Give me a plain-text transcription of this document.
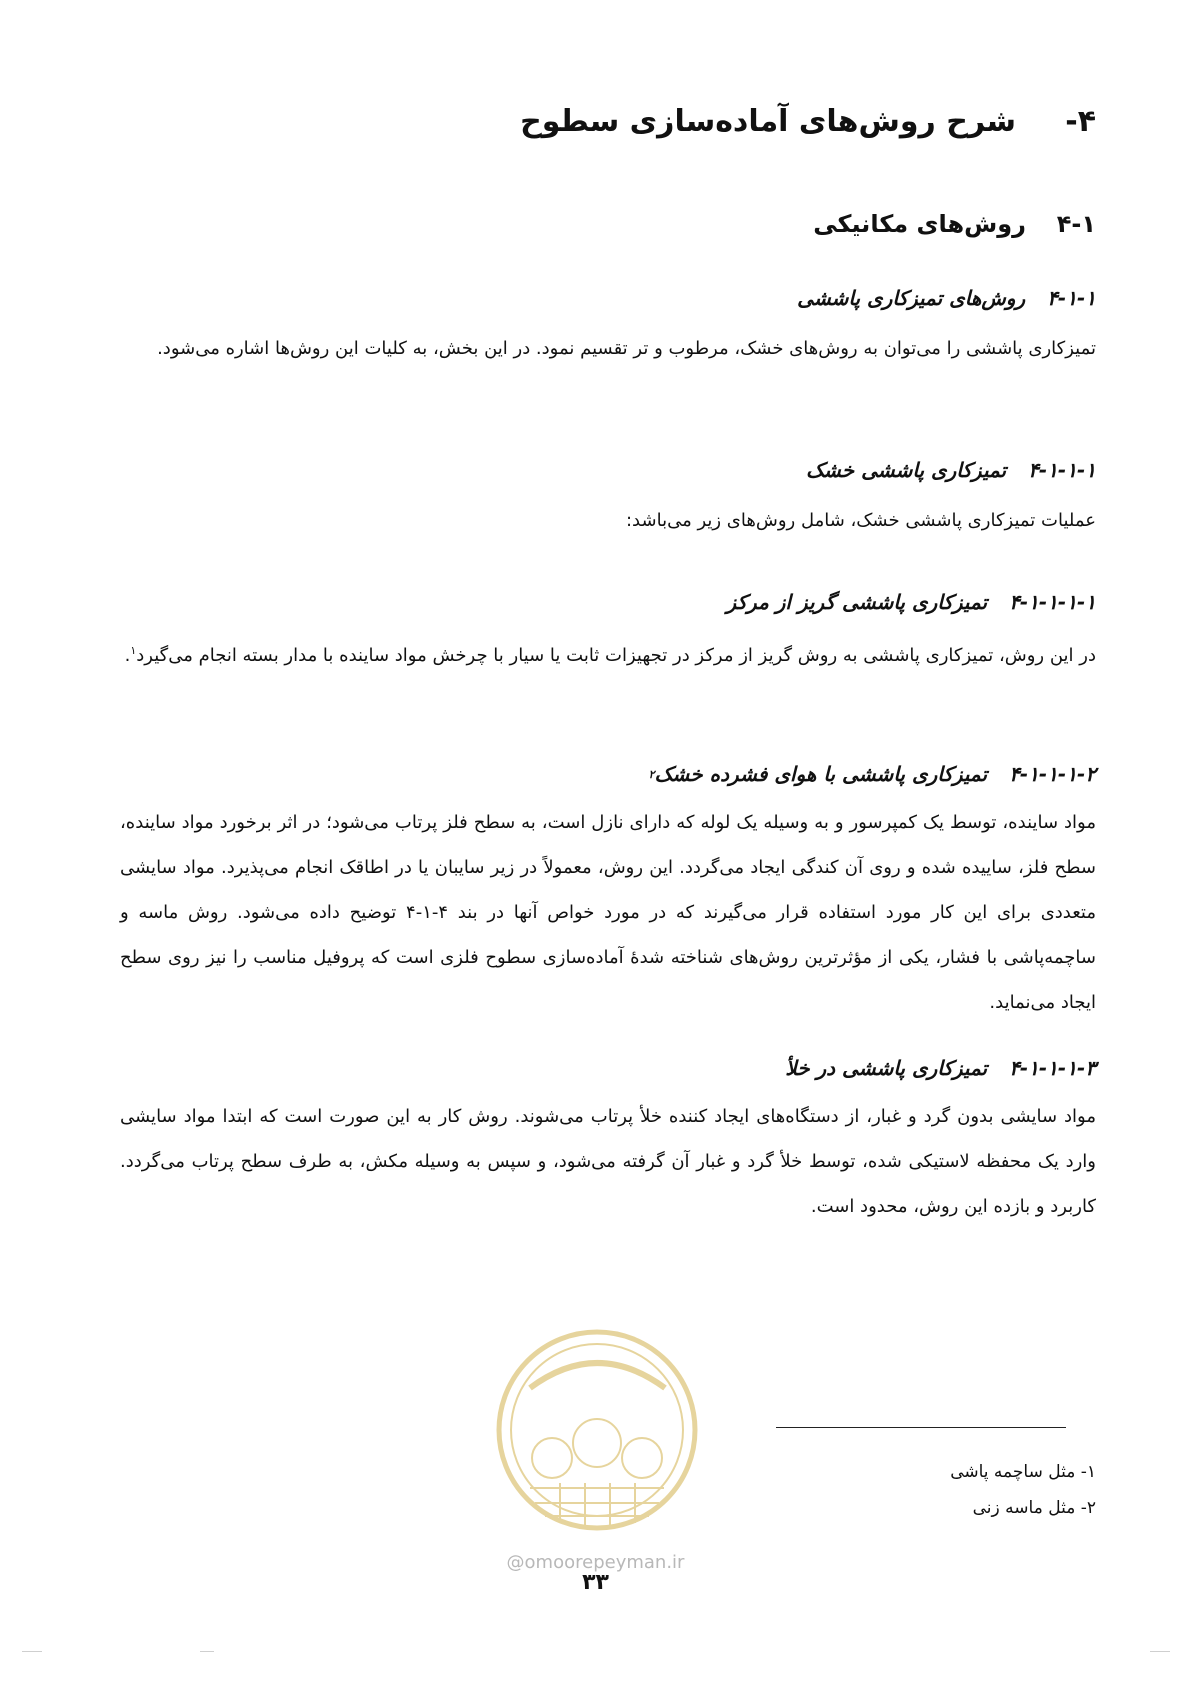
۴-
شرح روش‌های آماده‌سازی سطوح
۴-۱
روش‌های مکانیکی
۴-۱-۱
روش‌های تمیزکاری پاششی
تمیزکاری پاششی را می‌توان به روش‌های خشک، مرطوب و تر تقسیم نمود. در این بخش، به کلیات این روش‌ها اشاره می‌شود.
۴-۱-۱-۱
تمیزکاری پاششی خشک
عملیات تمیزکاری پاششی خشک، شامل روش‌های زیر می‌باشد:
۴-۱-۱-۱-۱
تمیزکاری پاششی گریز از مرکز
در این روش، تمیزکاری پاششی به روش گریز از مرکز در تجهیزات ثابت یا سیار با چرخش مواد ساینده با مدار بسته انجام می‌گیرد$^۱$.
۴-۱-۱-۱-۲
تمیزکاری پاششی با هوای فشرده خشک
۲
مواد ساینده، توسط یک کمپرسور و به وسیله یک لوله که دارای نازل است، به سطح فلز پرتاب می‌شود؛ در اثر برخورد مواد ساینده، سطح فلز، ساییده شده و روی آن کندگی ایجاد می‌گردد. این روش، معمولاً در زیر سایبان یا در اطاقک انجام می‌پذیرد. مواد سایشی متعددی برای این کار مورد استفاده قرار می‌گیرند که در مورد خواص آنها در بند ۴-۱-۴ توضیح داده می‌شود. روش ماسه و ساچمه‌پاشی با فشار، یکی از مؤثرترین روش‌های شناخته شدهٔ آماده‌سازی سطوح فلزی است که پروفیل مناسب را نیز روی سطح ایجاد می‌نماید.
۴-۱-۱-۱-۳
تمیزکاری پاششی در خلأ
مواد سایشی بدون گرد و غبار، از دستگاه‌های ایجاد کننده خلأ پرتاب می‌شوند. روش کار به این صورت است که ابتدا مواد سایشی وارد یک محفظه لاستیکی شده، توسط خلأ گرد و غبار آن گرفته می‌شود، و سپس به وسیله مکش، به طرف سطح پرتاب می‌گردد. کاربرد و بازده این روش، محدود است.
۱- مثل ساچمه پاشی
۲- مثل ماسه زنی
@omoorepeyman.ir
۳۳
